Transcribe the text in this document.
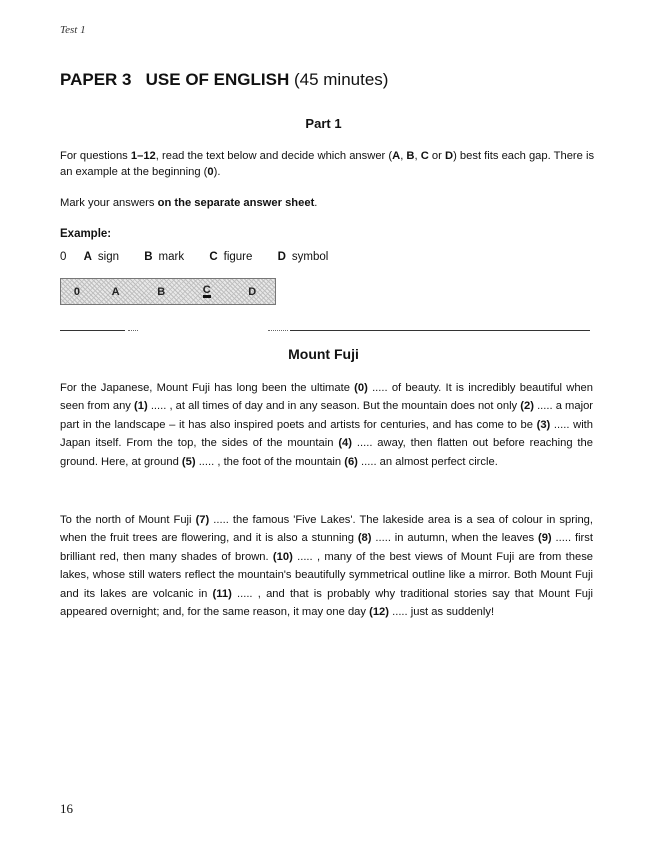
Test 1
PAPER 3   USE OF ENGLISH (45 minutes)
Part 1
For questions 1–12, read the text below and decide which answer (A, B, C or D) best fits each gap. There is an example at the beginning (0).
Mark your answers on the separate answer sheet.
Example:
0 A sign B mark C figure D symbol
0	A	B	C	D
Mount Fuji
For the Japanese, Mount Fuji has long been the ultimate (0) ..... of beauty. It is incredibly beautiful when seen from any (1) ..... , at all times of day and in any season. But the mountain does not only (2) ..... a major part in the landscape – it has also inspired poets and artists for centuries, and has come to be (3) ..... with Japan itself. From the top, the sides of the mountain (4) ..... away, then flatten out before reaching the ground. Here, at ground (5) ..... , the foot of the mountain (6) ..... an almost perfect circle.
To the north of Mount Fuji (7) ..... the famous 'Five Lakes'. The lakeside area is a sea of colour in spring, when the fruit trees are flowering, and it is also a stunning (8) ..... in autumn, when the leaves (9) ..... first brilliant red, then many shades of brown. (10) ..... , many of the best views of Mount Fuji are from these lakes, whose still waters reflect the mountain's beautifully symmetrical outline like a mirror. Both Mount Fuji and its lakes are volcanic in (11) ..... , and that is probably why traditional stories say that Mount Fuji appeared overnight; and, for the same reason, it may one day (12) ..... just as suddenly!
16
